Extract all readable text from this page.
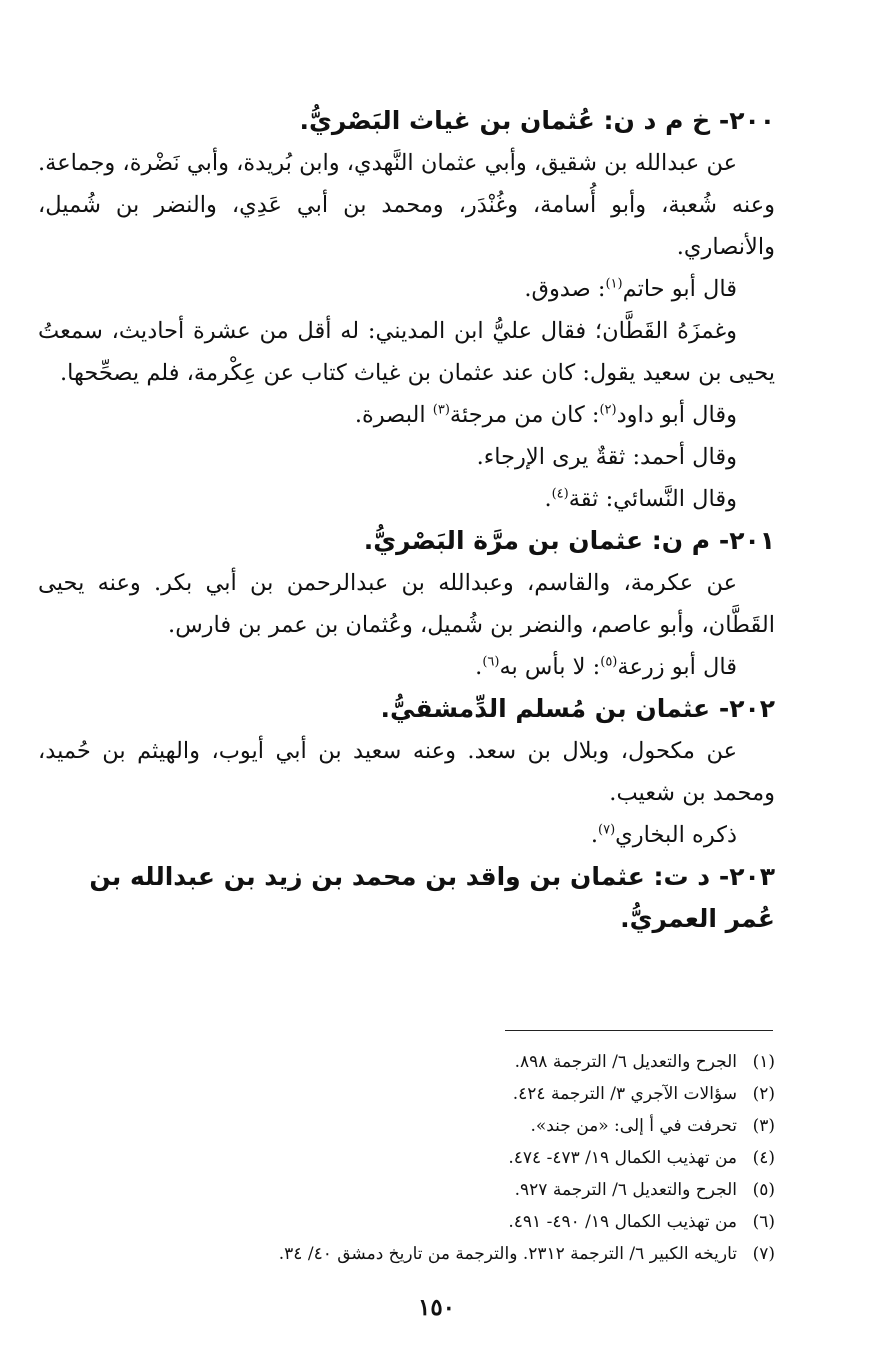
٢٠٠- خ م د ن: عُثمان بن غياث البَصْريُّ.

عن عبدالله بن شقيق، وأبي عثمان النَّهدي، وابن بُريدة، وأبي نَضْرة، وجماعة. وعنه شُعبة، وأبو أُسامة، وغُنْدَر، ومحمد بن أبي عَدِي، والنضر بن شُميل، والأنصاري.

قال أبو حاتم$^{(١)}$: صدوق.

وغمزَهُ القَطَّان؛ فقال عليُّ ابن المديني: له أقل من عشرة أحاديث، سمعتُ يحيى بن سعيد يقول: كان عند عثمان بن غياث كتاب عن عِكْرمة، فلم يصحِّحها.

وقال أبو داود$^{(٢)}$: كان من مرجئة$^{(٣)}$ البصرة.

وقال أحمد: ثقةٌ يرى الإرجاء.

وقال النَّسائي: ثقة$^{(٤)}$.

٢٠١- م ن: عثمان بن مرَّة البَصْريُّ.

عن عكرمة، والقاسم، وعبدالله بن عبدالرحمن بن أبي بكر. وعنه يحيى القَطَّان، وأبو عاصم، والنضر بن شُميل، وعُثمان بن عمر بن فارس.

قال أبو زرعة$^{(٥)}$: لا بأس به$^{(٦)}$.

٢٠٢- عثمان بن مُسلم الدِّمشقيُّ.

عن مكحول، وبلال بن سعد. وعنه سعيد بن أبي أيوب، والهيثم بن حُميد، ومحمد بن شعيب.

ذكره البخاري$^{(٧)}$.

٢٠٣- د ت: عثمان بن واقد بن محمد بن زيد بن عبدالله بن عُمر العمريُّ.
(١)
الجرح والتعديل ٦/ الترجمة ٨٩٨.
(٢)
سؤالات الآجري ٣/ الترجمة ٤٢٤.
(٣)
تحرفت في أ إلى: «من جند».
(٤)
من تهذيب الكمال ١٩/ ٤٧٣- ٤٧٤.
(٥)
الجرح والتعديل ٦/ الترجمة ٩٢٧.
(٦)
من تهذيب الكمال ١٩/ ٤٩٠- ٤٩١.
(٧)
تاريخه الكبير ٦/ الترجمة ٢٣١٢. والترجمة من تاريخ دمشق ٤٠/ ٣٤.
١٥٠
